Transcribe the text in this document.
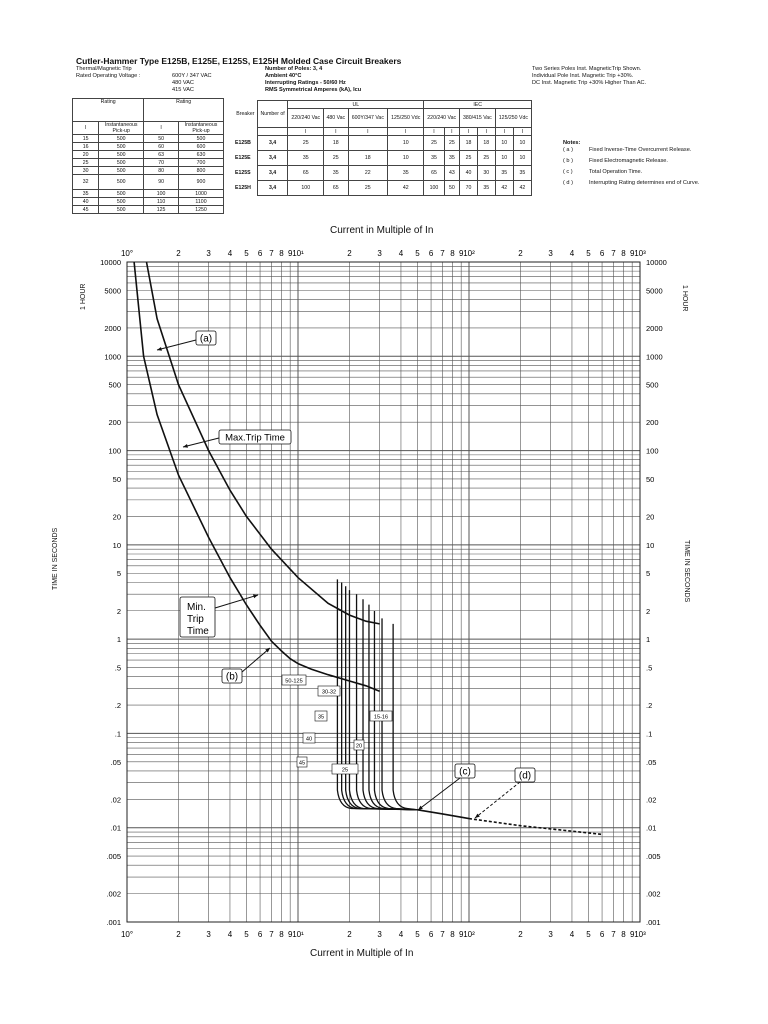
Cutler-Hammer Type E125B, E125E, E125S, E125H Molded Case Circuit Breakers
Thermal/Magnetic Trip
Rated Operating Voltage :	600Y / 347 VAC
480 VAC
415 VAC
Number of Poles: 3, 4
Ambient 40°C
Interrupting Ratings - 50/60 Hz
RMS Symmetrical Amperes (kA), Icu
Two Series Poles Inst. MagneticTrip Shown.
Individual Pole Inst. Magnetic Trip +30%.
DC Inst. Magnetic Trip +30% Higher Than AC.
Rating		Rating	
I	Instantaneous Pick-up	I	Instantaneous Pick-up
15	500	50	500
16	500	60	600
20	500	63	630
25	500	70	700
30	500	80	800
32	500	90	900
35	500	100	1000
40	500	110	1100
45	500	125	1250
Breaker	Number of	UL				IEC					
		220/240 Vac	480 Vac	600Y/347 Vac	125/250 Vdc	220/240 Vac		380/415 Vac		125/250 Vdc	
		I	I	I	I	I	I	I	I	I	I
E125B	3,4	25	18		10	25	25	18	18	10	10
E125E	3,4	35	25	18	10	35	35	25	25	10	10
E125S	3,4	65	35	22	35	65	43	40	30	35	35
E125H	3,4	100	65	25	42	100	50	70	35	42	42
Notes:
( a )	Fixed Inverse-Time Overcurrent Release.
( b )	Fixed Electromagnetic Release.
( c )	Total Operation Time.
( d )	Interrupting Rating determines end of Curve.
10°
10°
2
2
3
3
4
4
5
5
6
6
7
7
8
8
9
9
10¹
10¹
2
2
3
3
4
4
5
5
6
6
7
7
8
8
9
9
10²
10²
2
2
3
3
4
4
5
5
6
6
7
7
8
8
9
9
10³
10³
10000	10000
5000	5000
2000	2000
1000	1000
500	500
200	200
100	100
50	50
20	20
10	10
5	5
2	2
1	1
.5	.5
.2	.2
.1	.1
.05	.05
.02	.02
.01	.01
.005	.005
.002	.002
.001	.001
(a)
Max.Trip Time
Min. Trip Time
(b)
(c)	(d)
50-125
30-32
35	15-16
40
20
45
25
Current in Multiple of In
Current in Multiple of In
TIME IN SECONDS	TIME IN SECONDS
1 HOUR	1 HOUR
